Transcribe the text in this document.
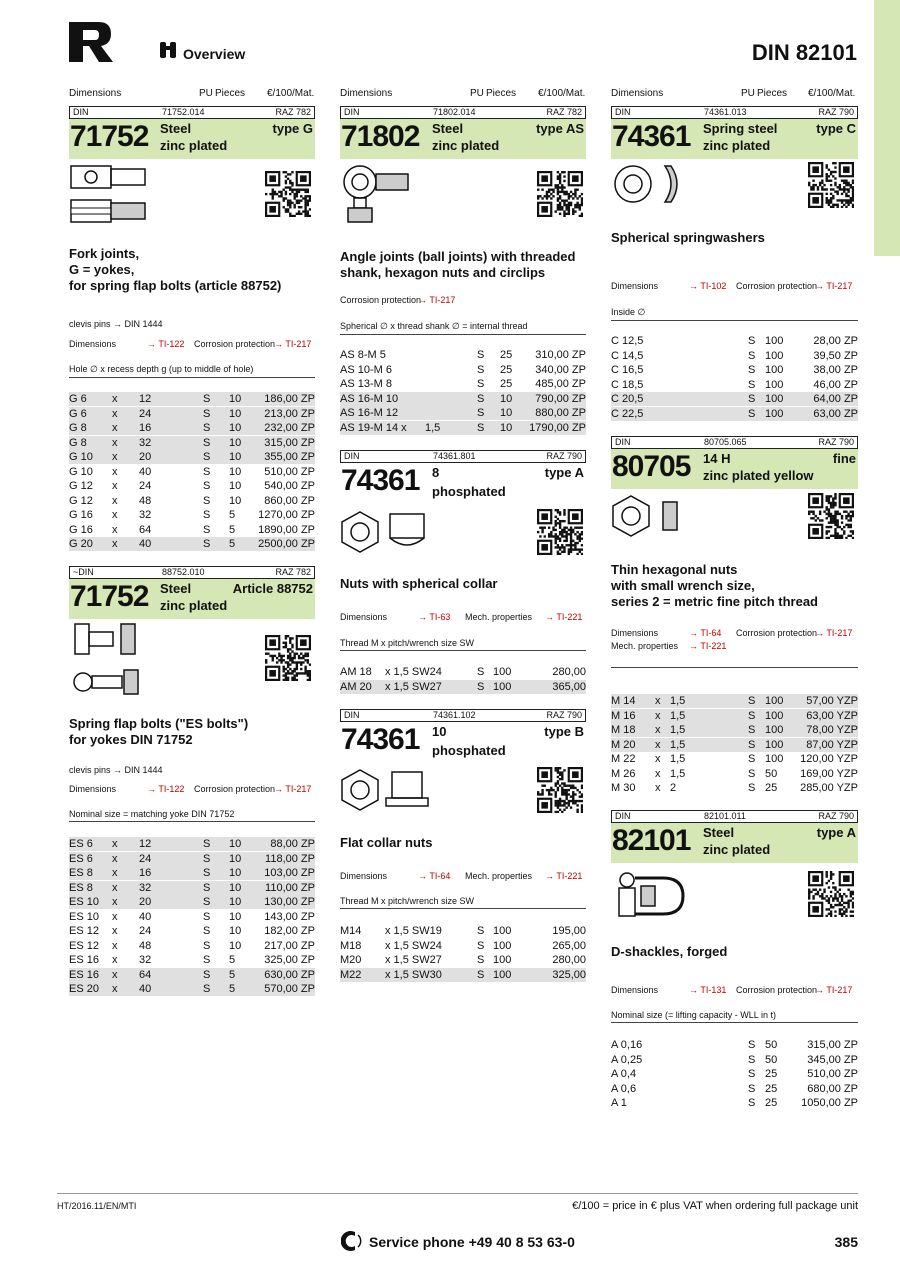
Overview	DIN 82101
Dimensions	PU Pieces €/100/Mat.
DIN	71752.014	RAZ 782
71752 Steel
zinc plated
type G
Fork joints,
G = yokes,
for spring flap bolts (article 88752)
clevis pins → DIN 1444
Dimensions	→ TI-122 Corrosion protection
→ TI-217
Hole ∅ x recess depth g (up to middle of hole)
G 6 x 12	S 10 186,00 ZP
G 6 x 24	S 10 213,00 ZP
G 8 x 16	S 10 232,00 ZP
G 8 x 32	S 10 315,00 ZP
G 10 x 20	S 10 355,00 ZP
G 10 x 40	S 10 510,00 ZP
G 12 x 24	S 10 540,00 ZP
G 12 x 48	S 10 860,00 ZP
G 16 x 32	S 5 1270,00 ZP
G 16 x 64	S 5 1890,00 ZP
G 20 x 40	S 5 2500,00 ZP
~DIN	88752.010	RAZ 782
71752 Steel
zinc plated
Article 88752
Spring flap bolts ("ES bolts")
for yokes DIN 71752
clevis pins → DIN 1444
Dimensions	→ TI-122 Corrosion protection
→ TI-217
Nominal size = matching yoke DIN 71752
ES 6 x 12	S 10	88,00 ZP
ES 6 x 24	S 10 118,00 ZP
ES 8 x 16	S 10 103,00 ZP
ES 8 x 32	S 10 110,00 ZP
ES 10 x 20	S 10 130,00 ZP
ES 10 x 40	S 10 143,00 ZP
ES 12 x 24	S 10 182,00 ZP
ES 12 x 48	S 10 217,00 ZP
ES 16 x 32	S 5	325,00 ZP
ES 16 x 64	S 5	630,00 ZP
ES 20 x 40	S 5	570,00 ZP
Dimensions	PU Pieces €/100/Mat.
DIN	71802.014	RAZ 782
71802 Steel
zinc plated
type AS
Angle joints (ball joints) with threaded
shank, hexagon nuts and circlips
Corrosion protection
→ TI-217
Spherical ∅ x thread shank ∅ = internal thread
AS 8-M 5	S 25 310,00 ZP
AS 10-M 6	S 25 340,00 ZP
AS 13-M 8	S 25 485,00 ZP
AS 16-M 10	S 10 790,00 ZP
AS 16-M 12	S 10 880,00 ZP
AS 19-M 14 x 1,5	S 10 1790,00 ZP
DIN	74361.801	RAZ 790
74361 8
phosphated
type A
Nuts with spherical collar
Dimensions	→ TI-63 Mech. properties → TI-221
Thread M x pitch/wrench size SW
AM 18 x 1,5 SW24	S 100	280,00
AM 20 x 1,5 SW27	S 100	365,00
DIN	74361.102	RAZ 790
74361 10
phosphated
type B
Flat collar nuts
Dimensions	→ TI-64 Mech. properties → TI-221
Thread M x pitch/wrench size SW
M14 x 1,5 SW19	S 100	195,00
M18 x 1,5 SW24	S 100	265,00
M20 x 1,5 SW27	S 100	280,00
M22 x 1,5 SW30	S 100	325,00
Dimensions	PU Pieces €/100/Mat.
DIN	74361.013	RAZ 790
74361 Spring steel
zinc plated
type C
Spherical springwashers
Dimensions	→ TI-102 Corrosion protection
→ TI-217
Inside ∅
C 12,5	S 100	28,00 ZP
C 14,5	S 100	39,50 ZP
C 16,5	S 100	38,00 ZP
C 18,5	S 100	46,00 ZP
C 20,5	S 100	64,00 ZP
C 22,5	S 100	63,00 ZP
DIN	80705.065	RAZ 790
80705 14 H
zinc plated yellow
fine
Thin hexagonal nuts
with small wrench size,
series 2 = metric fine pitch thread
Dimensions	→ TI-64 Corrosion protection
→ TI-217
Mech. properties → TI-221
M 14 x 1,5	S 100 57,00 YZP
M 16 x 1,5	S 100 63,00 YZP
M 18 x 1,5	S 100 78,00 YZP
M 20 x 1,5	S 100 87,00 YZP
M 22 x 1,5	S 100 120,00 YZP
M 26 x 1,5	S 50 169,00 YZP
M 30 x 2	S 25 285,00 YZP
DIN	82101.011	RAZ 790
82101 Steel
zinc plated
type A
D-shackles, forged
Dimensions	→ TI-131 Corrosion protection
→ TI-217
Nominal size (= lifting capacity - WLL in t)
A 0,16	S 50	315,00 ZP
A 0,25	S 50	345,00 ZP
A 0,4	S 25	510,00 ZP
A 0,6	S 25	680,00 ZP
A 1	S 25 1050,00 ZP
HT/2016.11/EN/MTI	€/100 = price in € plus VAT when ordering full package unit
Service phone +49 40 8 53 63-0	385
